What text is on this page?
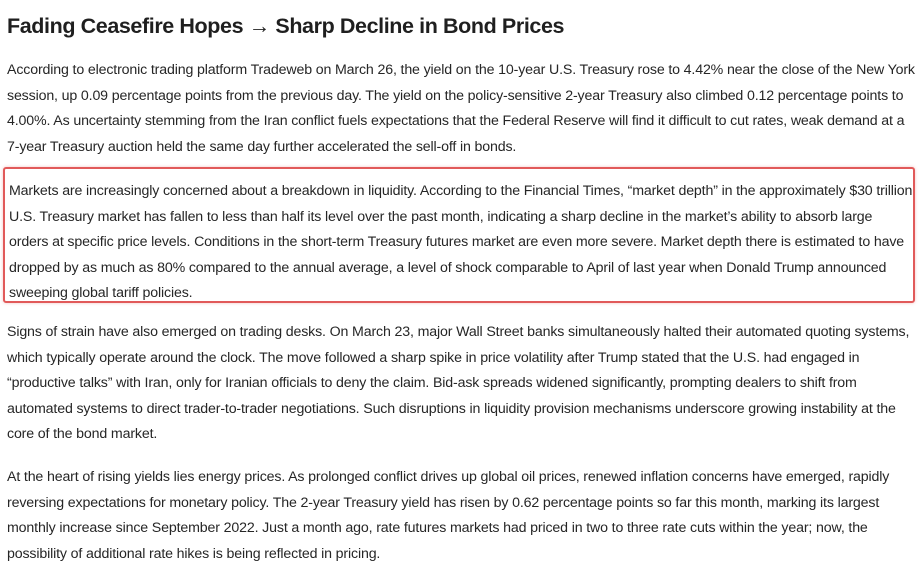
Fading Ceasefire Hopes → Sharp Decline in Bond Prices

According to electronic trading platform Tradeweb on March 26, the yield on the 10-year U.S. Treasury rose to 4.42% near the close of the New York session, up 0.09 percentage points from the previous day. The yield on the policy-sensitive 2-year Treasury also climbed 0.12 percentage points to 4.00%. As uncertainty stemming from the Iran conflict fuels expectations that the Federal Reserve will find it difficult to cut rates, weak demand at a 7-year Treasury auction held the same day further accelerated the sell-off in bonds.

Markets are increasingly concerned about a breakdown in liquidity. According to the Financial Times, “market depth” in the approximately $30 trillion U.S. Treasury market has fallen to less than half its level over the past month, indicating a sharp decline in the market’s ability to absorb large orders at specific price levels. Conditions in the short-term Treasury futures market are even more severe. Market depth there is estimated to have dropped by as much as 80% compared to the annual average, a level of shock comparable to April of last year when Donald Trump announced sweeping global tariff policies.

Signs of strain have also emerged on trading desks. On March 23, major Wall Street banks simultaneously halted their automated quoting systems, which typically operate around the clock. The move followed a sharp spike in price volatility after Trump stated that the U.S. had engaged in “productive talks” with Iran, only for Iranian officials to deny the claim. Bid-ask spreads widened significantly, prompting dealers to shift from automated systems to direct trader-to-trader negotiations. Such disruptions in liquidity provision mechanisms underscore growing instability at the core of the bond market.

At the heart of rising yields lies energy prices. As prolonged conflict drives up global oil prices, renewed inflation concerns have emerged, rapidly reversing expectations for monetary policy. The 2-year Treasury yield has risen by 0.62 percentage points so far this month, marking its largest monthly increase since September 2022. Just a month ago, rate futures markets had priced in two to three rate cuts within the year; now, the possibility of additional rate hikes is being reflected in pricing.
